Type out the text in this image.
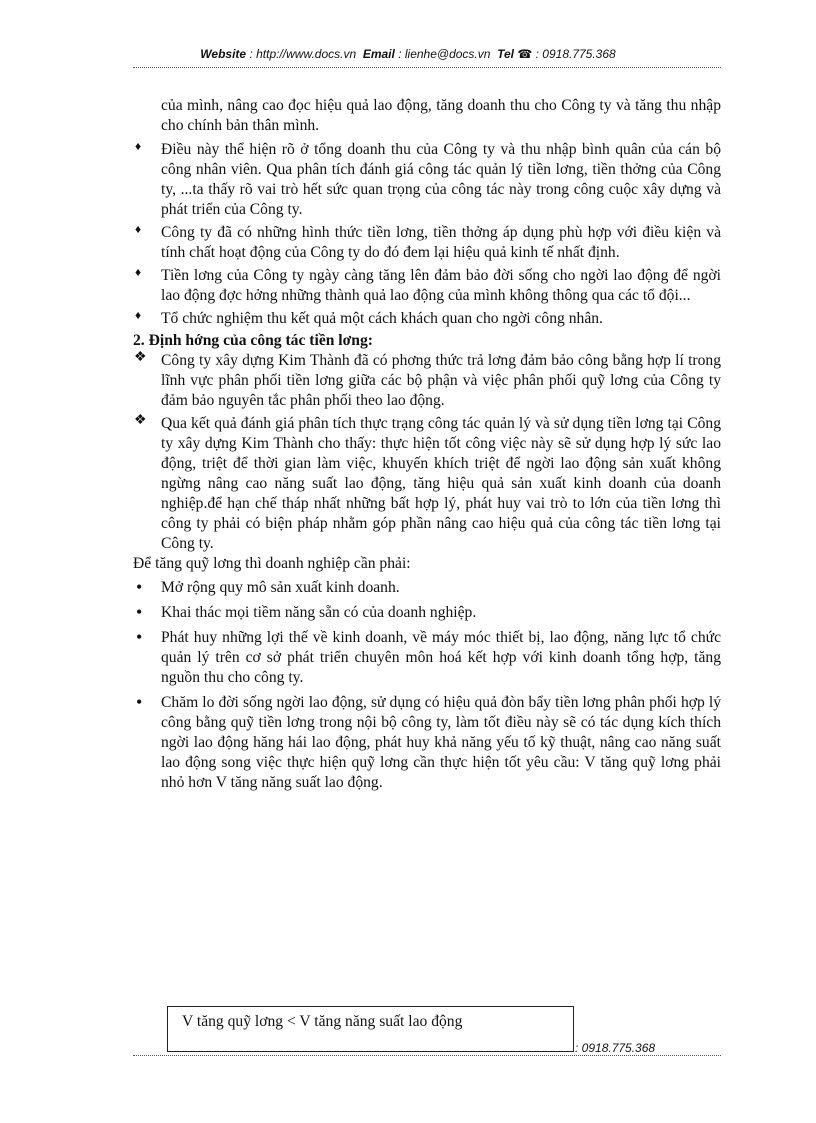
Website : http://www.docs.vn Email : lienhe@docs.vn Tel ☎ : 0918.775.368

của mình, nâng cao đọc hiệu quả lao động, tăng doanh thu cho Công ty và tăng thu nhập cho chính bản thân mình.

♦ Điều này thể hiện rõ ở tổng doanh thu của Công ty và thu nhập bình quân của cán bộ công nhân viên. Qua phân tích đánh giá công tác quản lý tiền lơng, tiền thởng của Công ty, ...ta thấy rõ vai trò hết sức quan trọng của công tác này trong công cuộc xây dựng và phát triển của Công ty.
♦ Công ty đã có những hình thức tiền lơng, tiền thởng áp dụng phù hợp với điều kiện và tính chất hoạt động của Công ty do đó đem lại hiệu quả kinh tế nhất định.
♦ Tiền lơng của Công ty ngày càng tăng lên đảm bảo đời sống cho ngời lao động để ngời lao động đợc hởng những thành quả lao động của mình không thông qua các tổ đội...
♦ Tổ chức nghiệm thu kết quả một cách khách quan cho ngời công nhân.

2. Định hớng của công tác tiền lơng:

❖ Công ty xây dựng Kim Thành đã có phơng thức trả lơng đảm bảo công bằng hợp lí trong lĩnh vực phân phối tiền lơng giữa các bộ phận và việc phân phối quỹ lơng của Công ty đảm bảo nguyên tắc phân phối theo lao động.
❖ Qua kết quả đánh giá phân tích thực trạng công tác quản lý và sử dụng tiền lơng tại Công ty xây dựng Kim Thành cho thấy: thực hiện tốt công việc này sẽ sử dụng hợp lý sức lao động, triệt để thời gian làm việc, khuyến khích triệt để ngời lao động sản xuất không ngừng nâng cao năng suất lao động, tăng hiệu quả sản xuất kinh doanh của doanh nghiệp.để hạn chế tháp nhất những bất hợp lý, phát huy vai trò to lớn của tiền lơng thì công ty phải có biện pháp nhằm góp phần nâng cao hiệu quả của công tác tiền lơng tại Công ty.

Để tăng quỹ lơng thì doanh nghiệp cần phải:

• Mở rộng quy mô sản xuất kinh doanh.
• Khai thác mọi tiềm năng sẵn có của doanh nghiệp.
• Phát huy những lợi thế về kinh doanh, về máy móc thiết bị, lao động, năng lực tổ chức quản lý trên cơ sở phát triển chuyên môn hoá kết hợp với kinh doanh tổng hợp, tăng nguồn thu cho công ty.
• Chăm lo đời sống ngời lao động, sử dụng có hiệu quả đòn bẩy tiền lơng phân phối hợp lý công bằng quỹ tiền lơng trong nội bộ công ty, làm tốt điều này sẽ có tác dụng kích thích ngời lao động hăng hái lao động, phát huy khả năng yếu tố kỹ thuật, nâng cao năng suất lao động song việc thực hiện quỹ lơng cần thực hiện tốt yêu cầu: V tăng quỹ lơng phải nhỏ hơn V tăng năng suất lao động.
: 0918.775.368
V tăng quỹ lơng < V tăng năng suất lao động
